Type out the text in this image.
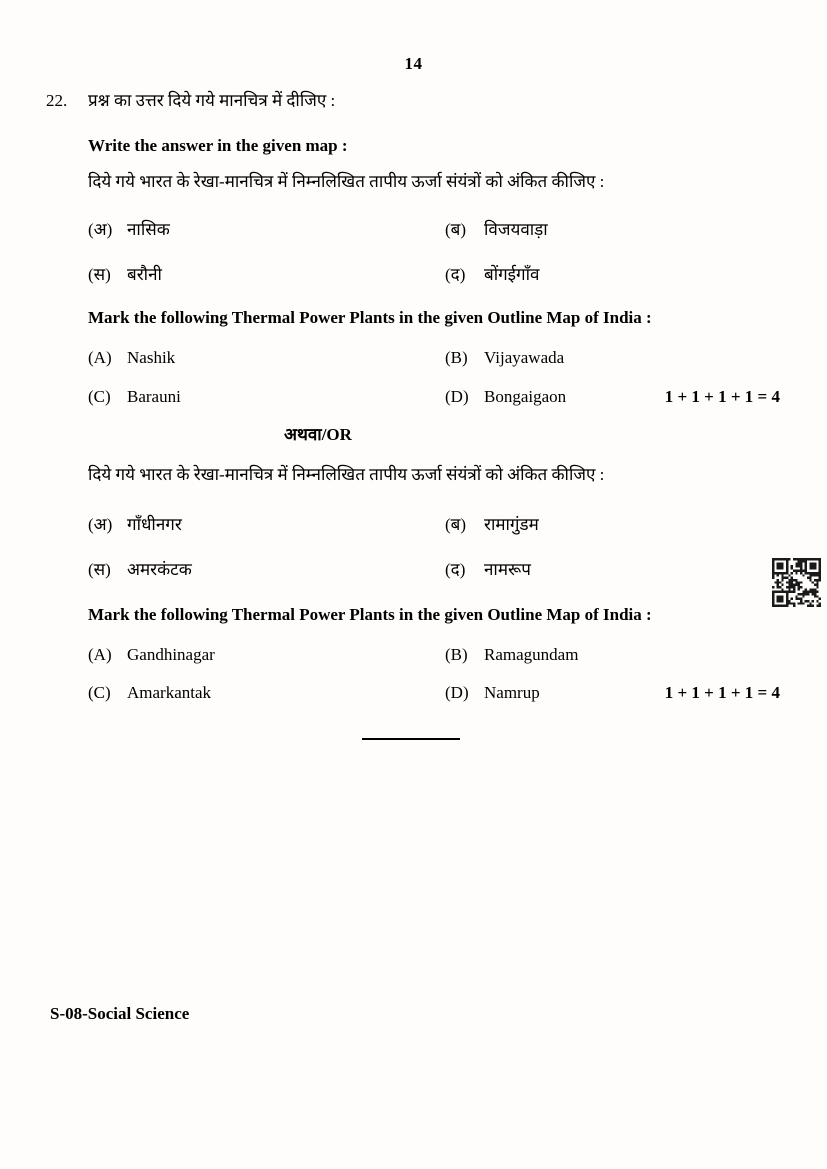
14
22.	प्रश्न का उत्तर दिये गये मानचित्र में दीजिए :
Write the answer in the given map :
दिये गये भारत के रेखा-मानचित्र में निम्नलिखित तापीय ऊर्जा संयंत्रों को अंकित कीजिए :
(अ) नासिक	(ब) विजयवाड़ा
(स) बरौनी	(द) बोंगईगाँव
Mark the following Thermal Power Plants in the given Outline Map of India :
(A) Nashik	(B) Vijayawada
(C) Barauni	(D) Bongaigaon	1 + 1 + 1 + 1 = 4
अथवा/OR
दिये गये भारत के रेखा-मानचित्र में निम्नलिखित तापीय ऊर्जा संयंत्रों को अंकित कीजिए :
(अ) गाँधीनगर	(ब) रामागुंडम
(स) अमरकंटक	(द) नामरूप
Mark the following Thermal Power Plants in the given Outline Map of India :
(A) Gandhinagar	(B) Ramagundam
(C) Amarkantak	(D) Namrup	1 + 1 + 1 + 1 = 4
S-08-Social Science
